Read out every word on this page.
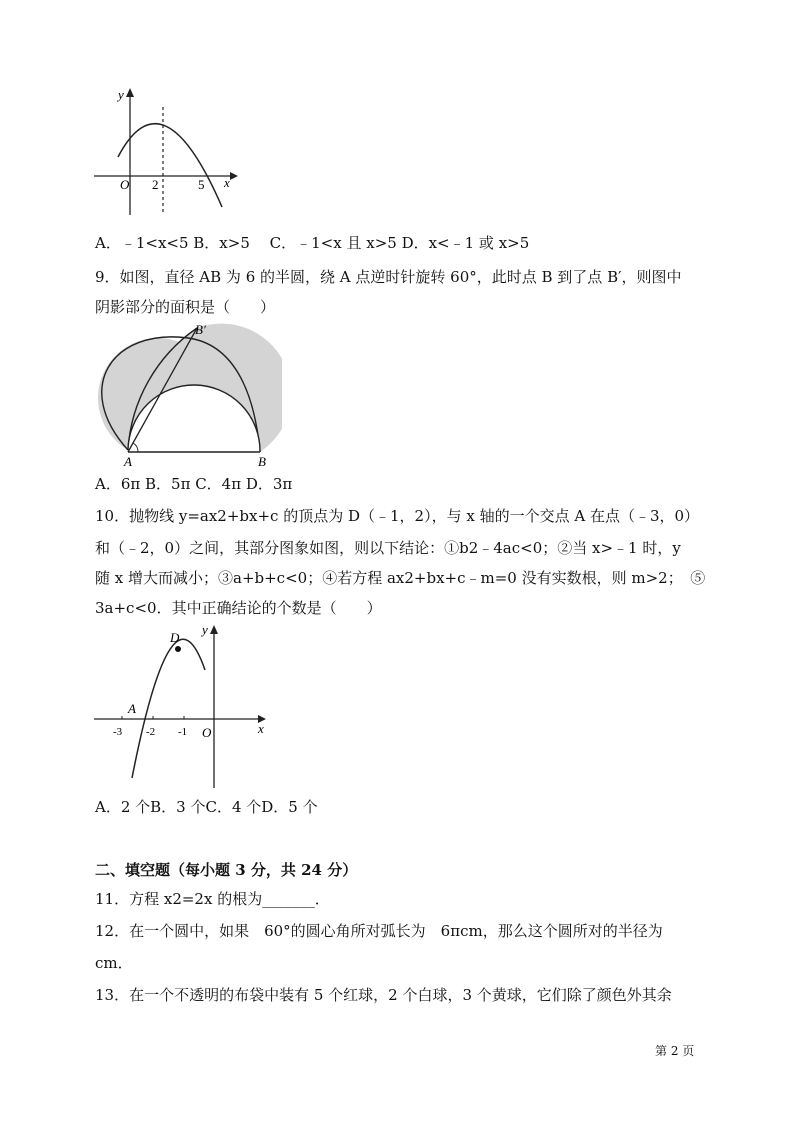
y
x
O 2	5
A．﹣1<x<5 B．x>5 　C．﹣1<x 且 x>5 D．x<﹣1 或 x>5
9．如图，直径 AB 为 6 的半圆，绕 A 点逆时针旋转 60°，此时点 B 到了点 B′，则图中
阴影部分的面积是（　　）
B′
A	B
A．6π B．5π C．4π D．3π
10．抛物线 y=ax2+bx+c 的顶点为 D（﹣1，2），与 x 轴的一个交点 A 在点（﹣3，0）
和（﹣2，0）之间，其部分图象如图，则以下结论：①b2﹣4ac<0；②当 x>﹣1 时，y
随 x 增大而减小；③a+b+c<0；④若方程 ax2+bx+c﹣m=0 没有实数根，则 m>2；　⑤
3a+c<0．其中正确结论的个数是（　　）
D
y
x
A
-3 -2 -1 O
A．2 个B．3 个C．4 个D．5 个
二、填空题（每小题 3 分，共 24 分）
11．方程 x2=2x 的根为_______．
12．在一个圆中，如果　60°的圆心角所对弧长为　6πcm，那么这个圆所对的半径为
cm．
13．在一个不透明的布袋中装有 5 个红球，2 个白球，3 个黄球，它们除了颜色外其余
第 2 页
